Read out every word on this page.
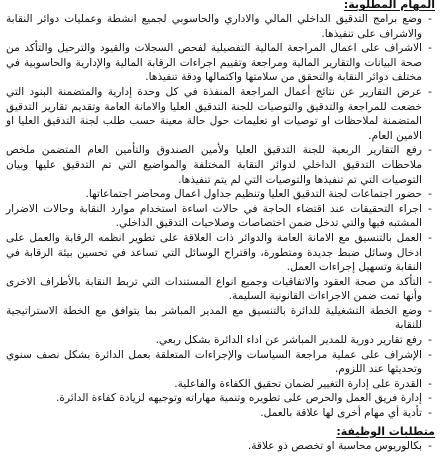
المهام المطلوبة:
- وضع برامج التدقيق الداخلي المالي والاداري والحاسوبي لجميع انشطة وعمليات دوائر النقابة والاشراف على تنفيذها.
- الاشراف على اعمال المراجعة المالية التفصيلية لفحص السجلات والقيود والترحيل والتأكد من صحة البيانات والتقارير المالية ومراجعة وتقييم اجراءات الرقابة المالية والإدارية والحاسوبية في مختلف دوائر النقابة والتحقق من سلامتها واكتمالها ودقة تنفيذها.
- عرض التقارير عن نتائج أعمال المراجعة المنفذة في كل وحدة إدارية والمتضمنة البنود التي خضعت للمراجعة والتدقيق والتوصيات للجنة التدقيق العليا والامانة العامة وتقديم تقارير التدقيق المتضمنة لملاحظات او توصيات او تعليمات حول حالة معينة حسب طلب لجنة التدقيق العليا او الامين العام.
- رفع التقارير الربعية للجنة التدقيق العليا ولأمين الصندوق والتأمين العام المتضمن ملخص ملاحظات التدقيق الداخلي لدوائر النقابة المختلفة والمواضيع التي تم التدقيق عليها وبيان التوصيات التي تم تنفيذها والتوصيات التي لم يتم تنفيذها.
- حضور اجتماعات لجنة التدقيق العليا وتنظيم جداول اعمال ومحاضر اجتماعاتها.
- اجراء التحقيقات عند اقتضاء الحاجة في حالات اساءة استخدام موارد النقابة وحالات الاضرار المشتبه فيها والتي تدخل ضمن اختصاصات وصلاحيات التدقيق الداخلي.
- العمل بالتنسيق مع الامانة العامة والدوائر ذات العلاقة على تطوير انظمه الرقابة والعمل على ادخال وسائل ضبط جديدة ومتطورة، واقتراح الوسائل التي تساعد في تحسين بيئة الرقابة في النقابة وتسهيل إجراءات العمل.
- التأكد من صحة العقود والاتفاقيات وجميع انواع المستندات التي تربط النقابة بالأطراف الاخرى وأنها تمت ضمن الاجراءات القانونية السليمة.
- وضع الخطة التشغيلية للدائرة بالتنسيق مع المدير المباشر بما يتوافق مع الخطة الاستراتيجية للنقابة
- رفع تقارير دورية للمدير المباشر عن اداء الدائرة بشكل ربعي.
- الإشراف على عملية مراجعة السياسات والإجراءات المتعلقة بعمل الدائرة بشكل نصف سنوي وتحديثها عند اللزوم.
- القدرة على إدارة التغيير لضمان تحقيق الكفاءة والفاعلية.
- إدارة فريق العمل والحرص على تطويره وتنمية مهاراته وتوجيهه لزيادة كفاءة الدائرة.
- تأدية أي مهام أخرى لها علاقة بالعمل.
متطلبات الوظيفة:
- بكالوريوس محاسبة او تخصص ذو علاقة.
